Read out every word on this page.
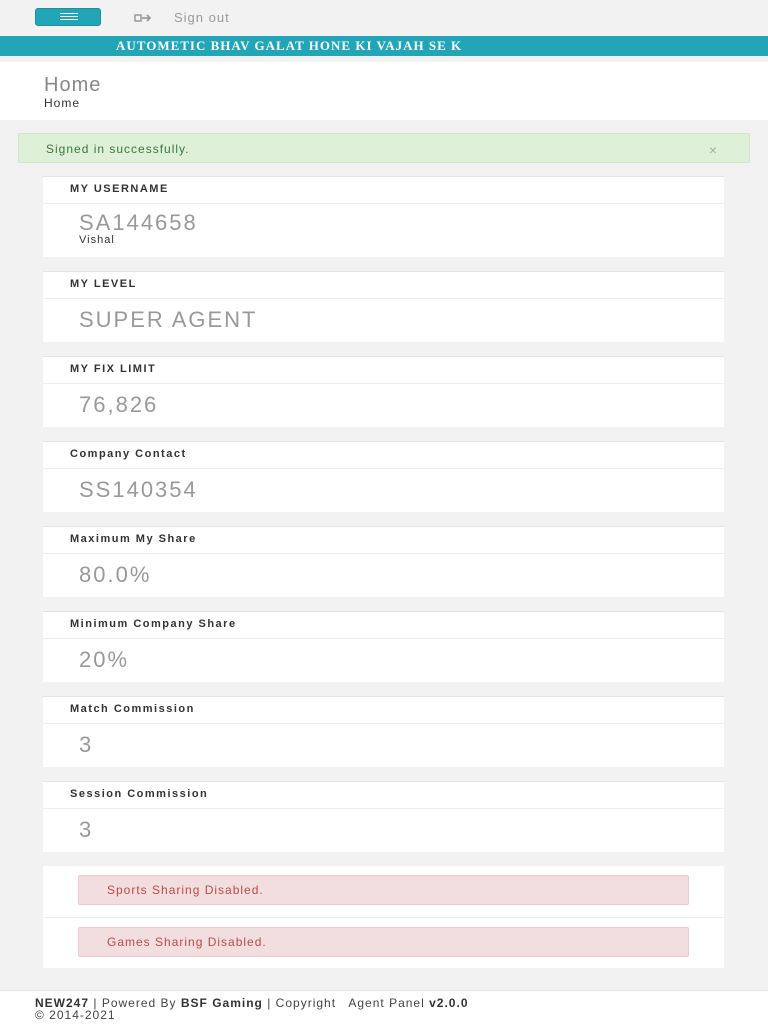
Sign out
AUTOMETIC BHAV GALAT HONE KI VAJAH SE K
Home
Home
Signed in successfully.	×
MY USERNAME
SA144658
Vishal
MY LEVEL
SUPER AGENT
MY FIX LIMIT
76,826
Company Contact
SS140354
Maximum My Share
80.0%
Minimum Company Share
20%
Match Commission
3
Session Commission
3
Sports Sharing Disabled.
Games Sharing Disabled.
NEW247 | Powered By BSF Gaming | Copyright   Agent Panel v2.0.0
© 2014-2021
